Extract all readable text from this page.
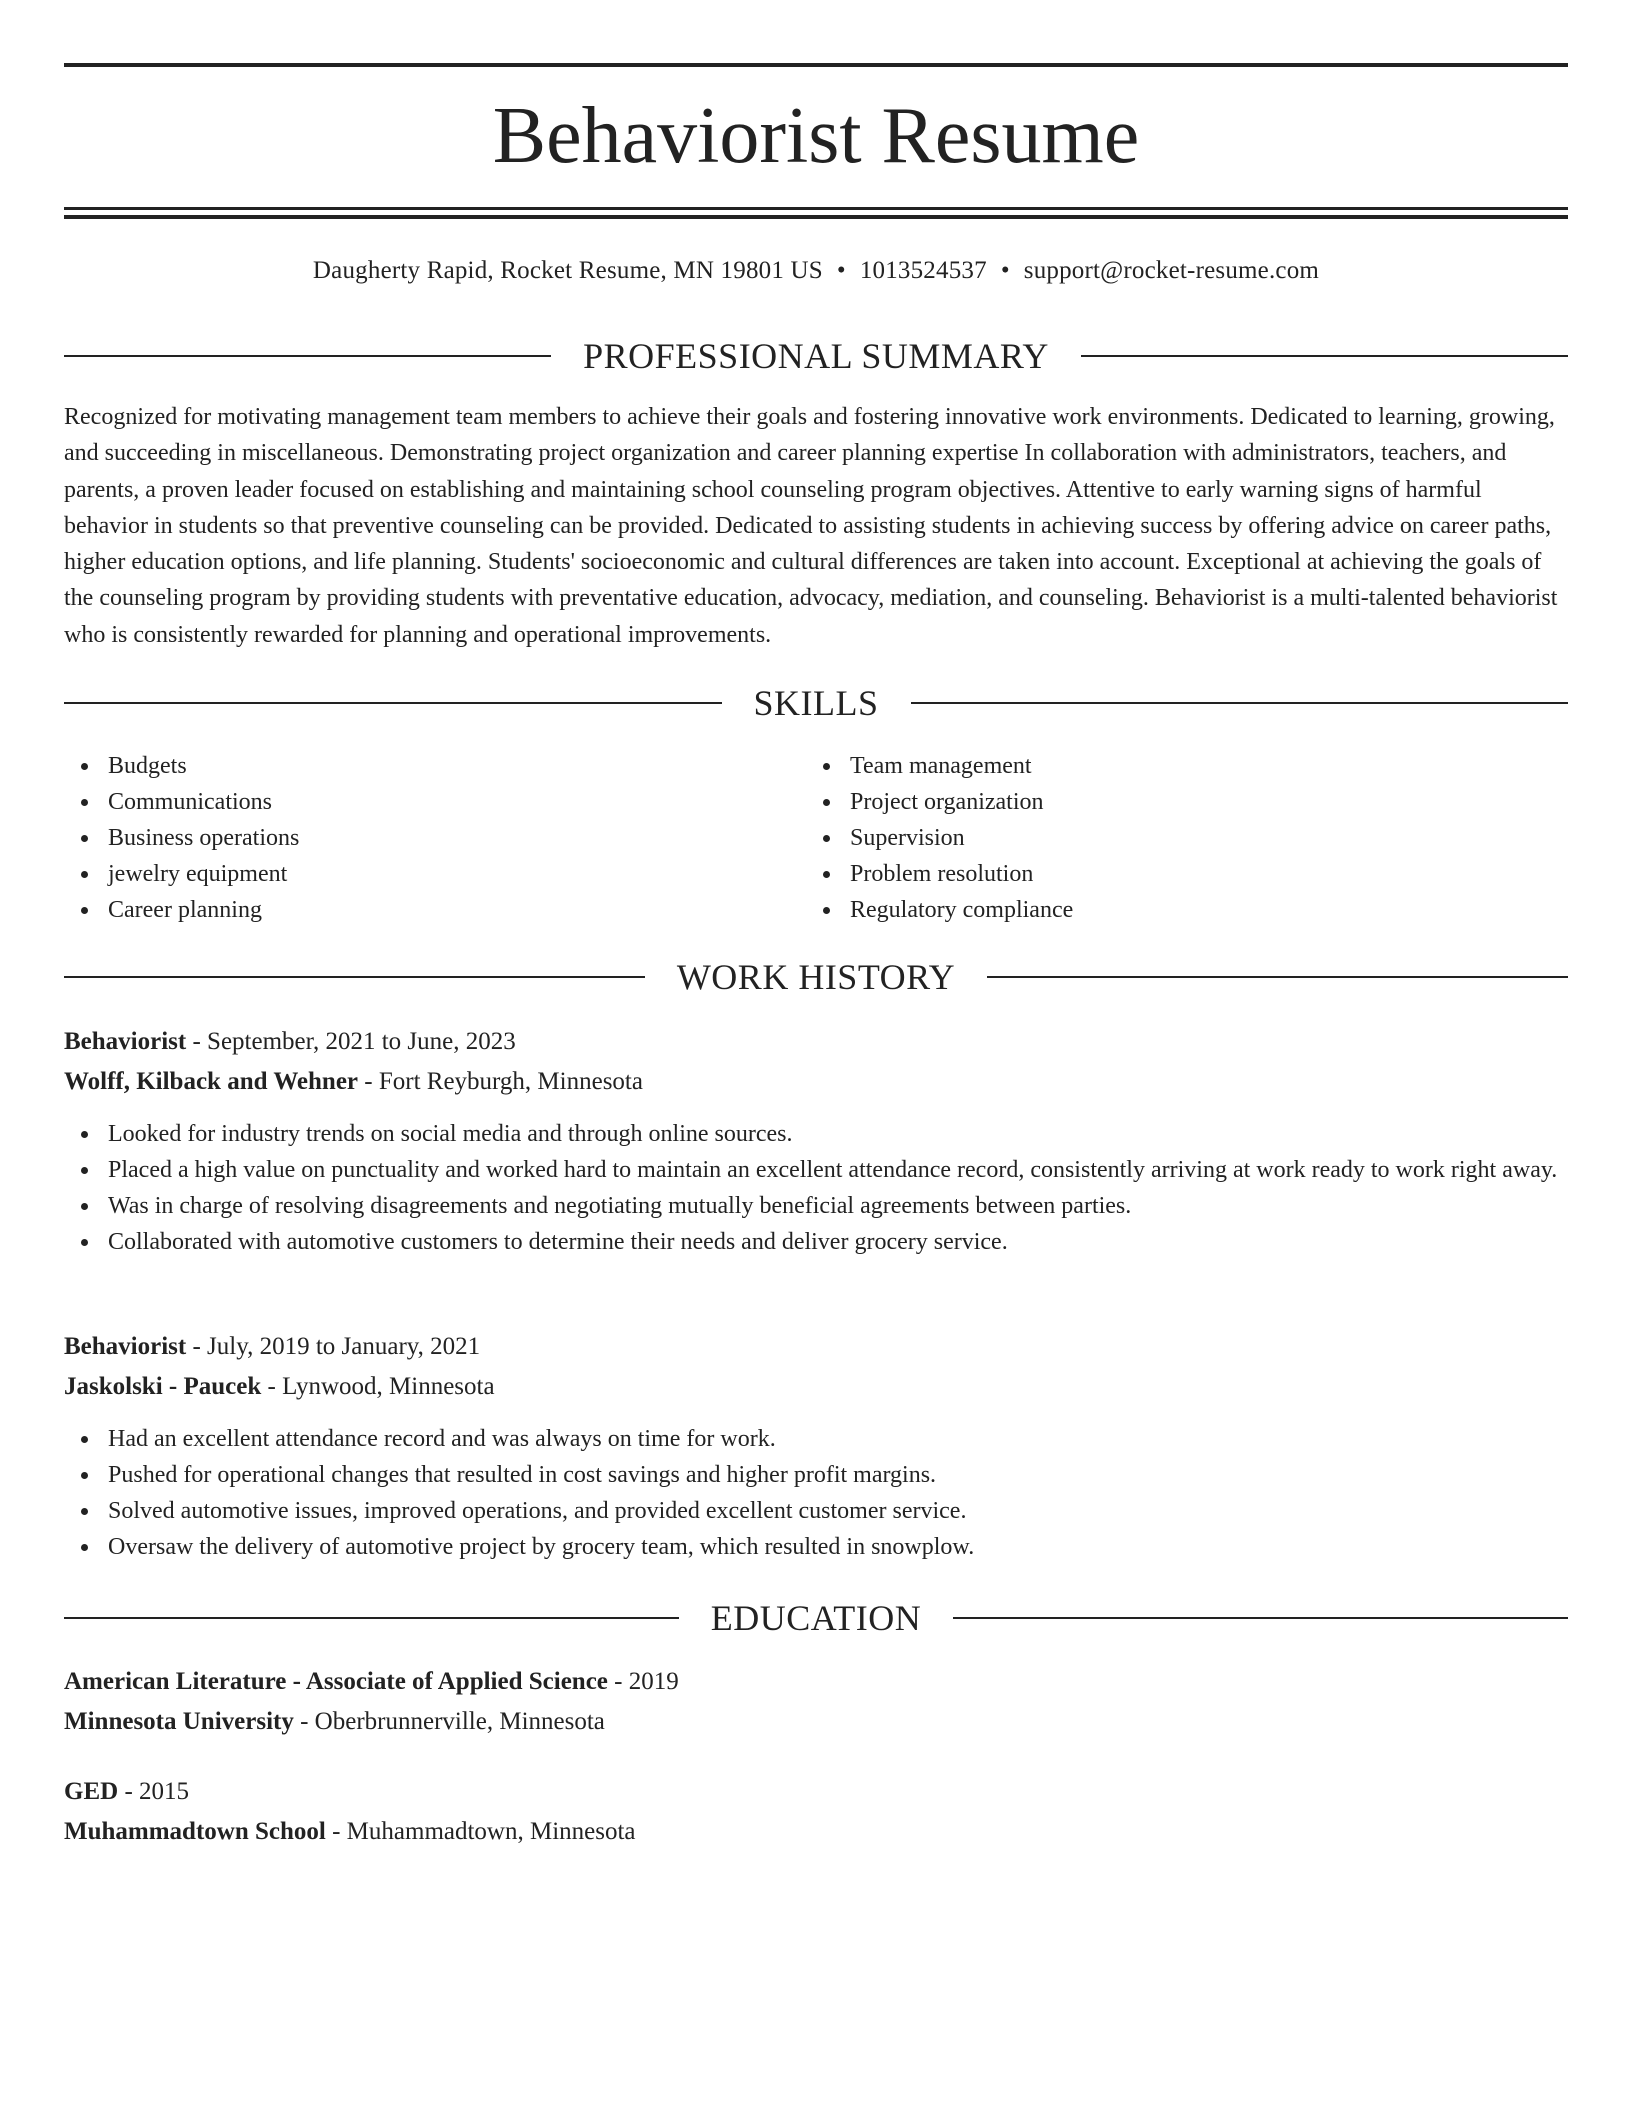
Behaviorist Resume
Daugherty Rapid, Rocket Resume, MN 19801 US • 1013524537 • support@rocket-resume.com
PROFESSIONAL SUMMARY

Recognized for motivating management team members to achieve their goals and fostering innovative work environments. Dedicated to learning, growing, and succeeding in miscellaneous. Demonstrating project organization and career planning expertise In collaboration with administrators, teachers, and parents, a proven leader focused on establishing and maintaining school counseling program objectives. Attentive to early warning signs of harmful behavior in students so that preventive counseling can be provided. Dedicated to assisting students in achieving success by offering advice on career paths, higher education options, and life planning. Students' socioeconomic and cultural differences are taken into account. Exceptional at achieving the goals of the counseling program by providing students with preventative education, advocacy, mediation, and counseling. Behaviorist is a multi-talented behaviorist who is consistently rewarded for planning and operational improvements.

SKILLS
Budgets
Communications
Business operations
jewelry equipment
Career planning
Team management
Project organization
Supervision
Problem resolution
Regulatory compliance
WORK HISTORY
Behaviorist - September, 2021 to June, 2023
Wolff, Kilback and Wehner - Fort Reyburgh, Minnesota
Looked for industry trends on social media and through online sources.
Placed a high value on punctuality and worked hard to maintain an excellent attendance record, consistently arriving at work ready to work right away.
Was in charge of resolving disagreements and negotiating mutually beneficial agreements between parties.
Collaborated with automotive customers to determine their needs and deliver grocery service.
Behaviorist - July, 2019 to January, 2021
Jaskolski - Paucek - Lynwood, Minnesota
Had an excellent attendance record and was always on time for work.
Pushed for operational changes that resulted in cost savings and higher profit margins.
Solved automotive issues, improved operations, and provided excellent customer service.
Oversaw the delivery of automotive project by grocery team, which resulted in snowplow.
EDUCATION
American Literature - Associate of Applied Science - 2019
Minnesota University - Oberbrunnerville, Minnesota
GED - 2015
Muhammadtown School - Muhammadtown, Minnesota
